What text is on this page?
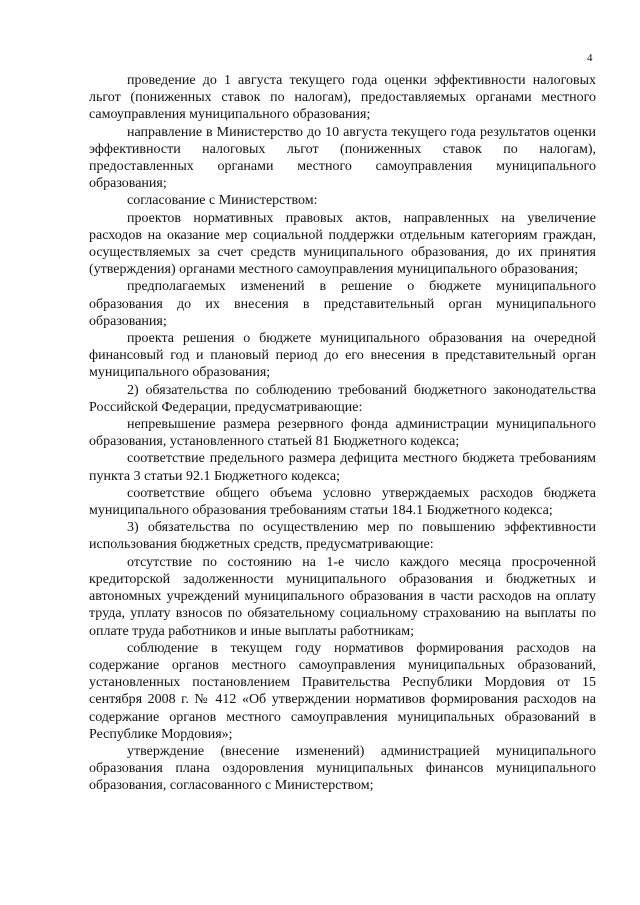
4

проведение до 1 августа текущего года оценки эффективности налоговых льгот (пониженных ставок по налогам), предоставляемых органами местного самоуправления муниципального образования;

направление в Министерство до 10 августа текущего года результатов оценки эффективности налоговых льгот (пониженных ставок по налогам), предоставленных органами местного самоуправления муниципального образования;

согласование с Министерством:

проектов нормативных правовых актов, направленных на увеличение расходов на оказание мер социальной поддержки отдельным категориям граждан, осуществляемых за счет средств муниципального образования, до их принятия (утверждения) органами местного самоуправления муниципального образования;

предполагаемых изменений в решение о бюджете муниципального образования до их внесения в представительный орган муниципального образования;

проекта решения о бюджете муниципального образования на очередной финансовый год и плановый период до его внесения в представительный орган муниципального образования;

2) обязательства по соблюдению требований бюджетного законодательства Российской Федерации, предусматривающие:

непревышение размера резервного фонда администрации муниципального образования, установленного статьей 81 Бюджетного кодекса;

соответствие предельного размера дефицита местного бюджета требованиям пункта 3 статьи 92.1 Бюджетного кодекса;

соответствие общего объема условно утверждаемых расходов бюджета муниципального образования требованиям статьи 184.1 Бюджетного кодекса;

3) обязательства по осуществлению мер по повышению эффективности использования бюджетных средств, предусматривающие:

отсутствие по состоянию на 1-е число каждого месяца просроченной кредиторской задолженности муниципального образования и бюджетных и автономных учреждений муниципального образования в части расходов на оплату труда, уплату взносов по обязательному социальному страхованию на выплаты по оплате труда работников и иные выплаты работникам;

соблюдение в текущем году нормативов формирования расходов на содержание органов местного самоуправления муниципальных образований, установленных постановлением Правительства Республики Мордовия от 15 сентября 2008 г. № 412 «Об утверждении нормативов формирования расходов на содержание органов местного самоуправления муниципальных образований в Республике Мордовия»;

утверждение (внесение изменений) администрацией муниципального образования плана оздоровления муниципальных финансов муниципального образования, согласованного с Министерством;
